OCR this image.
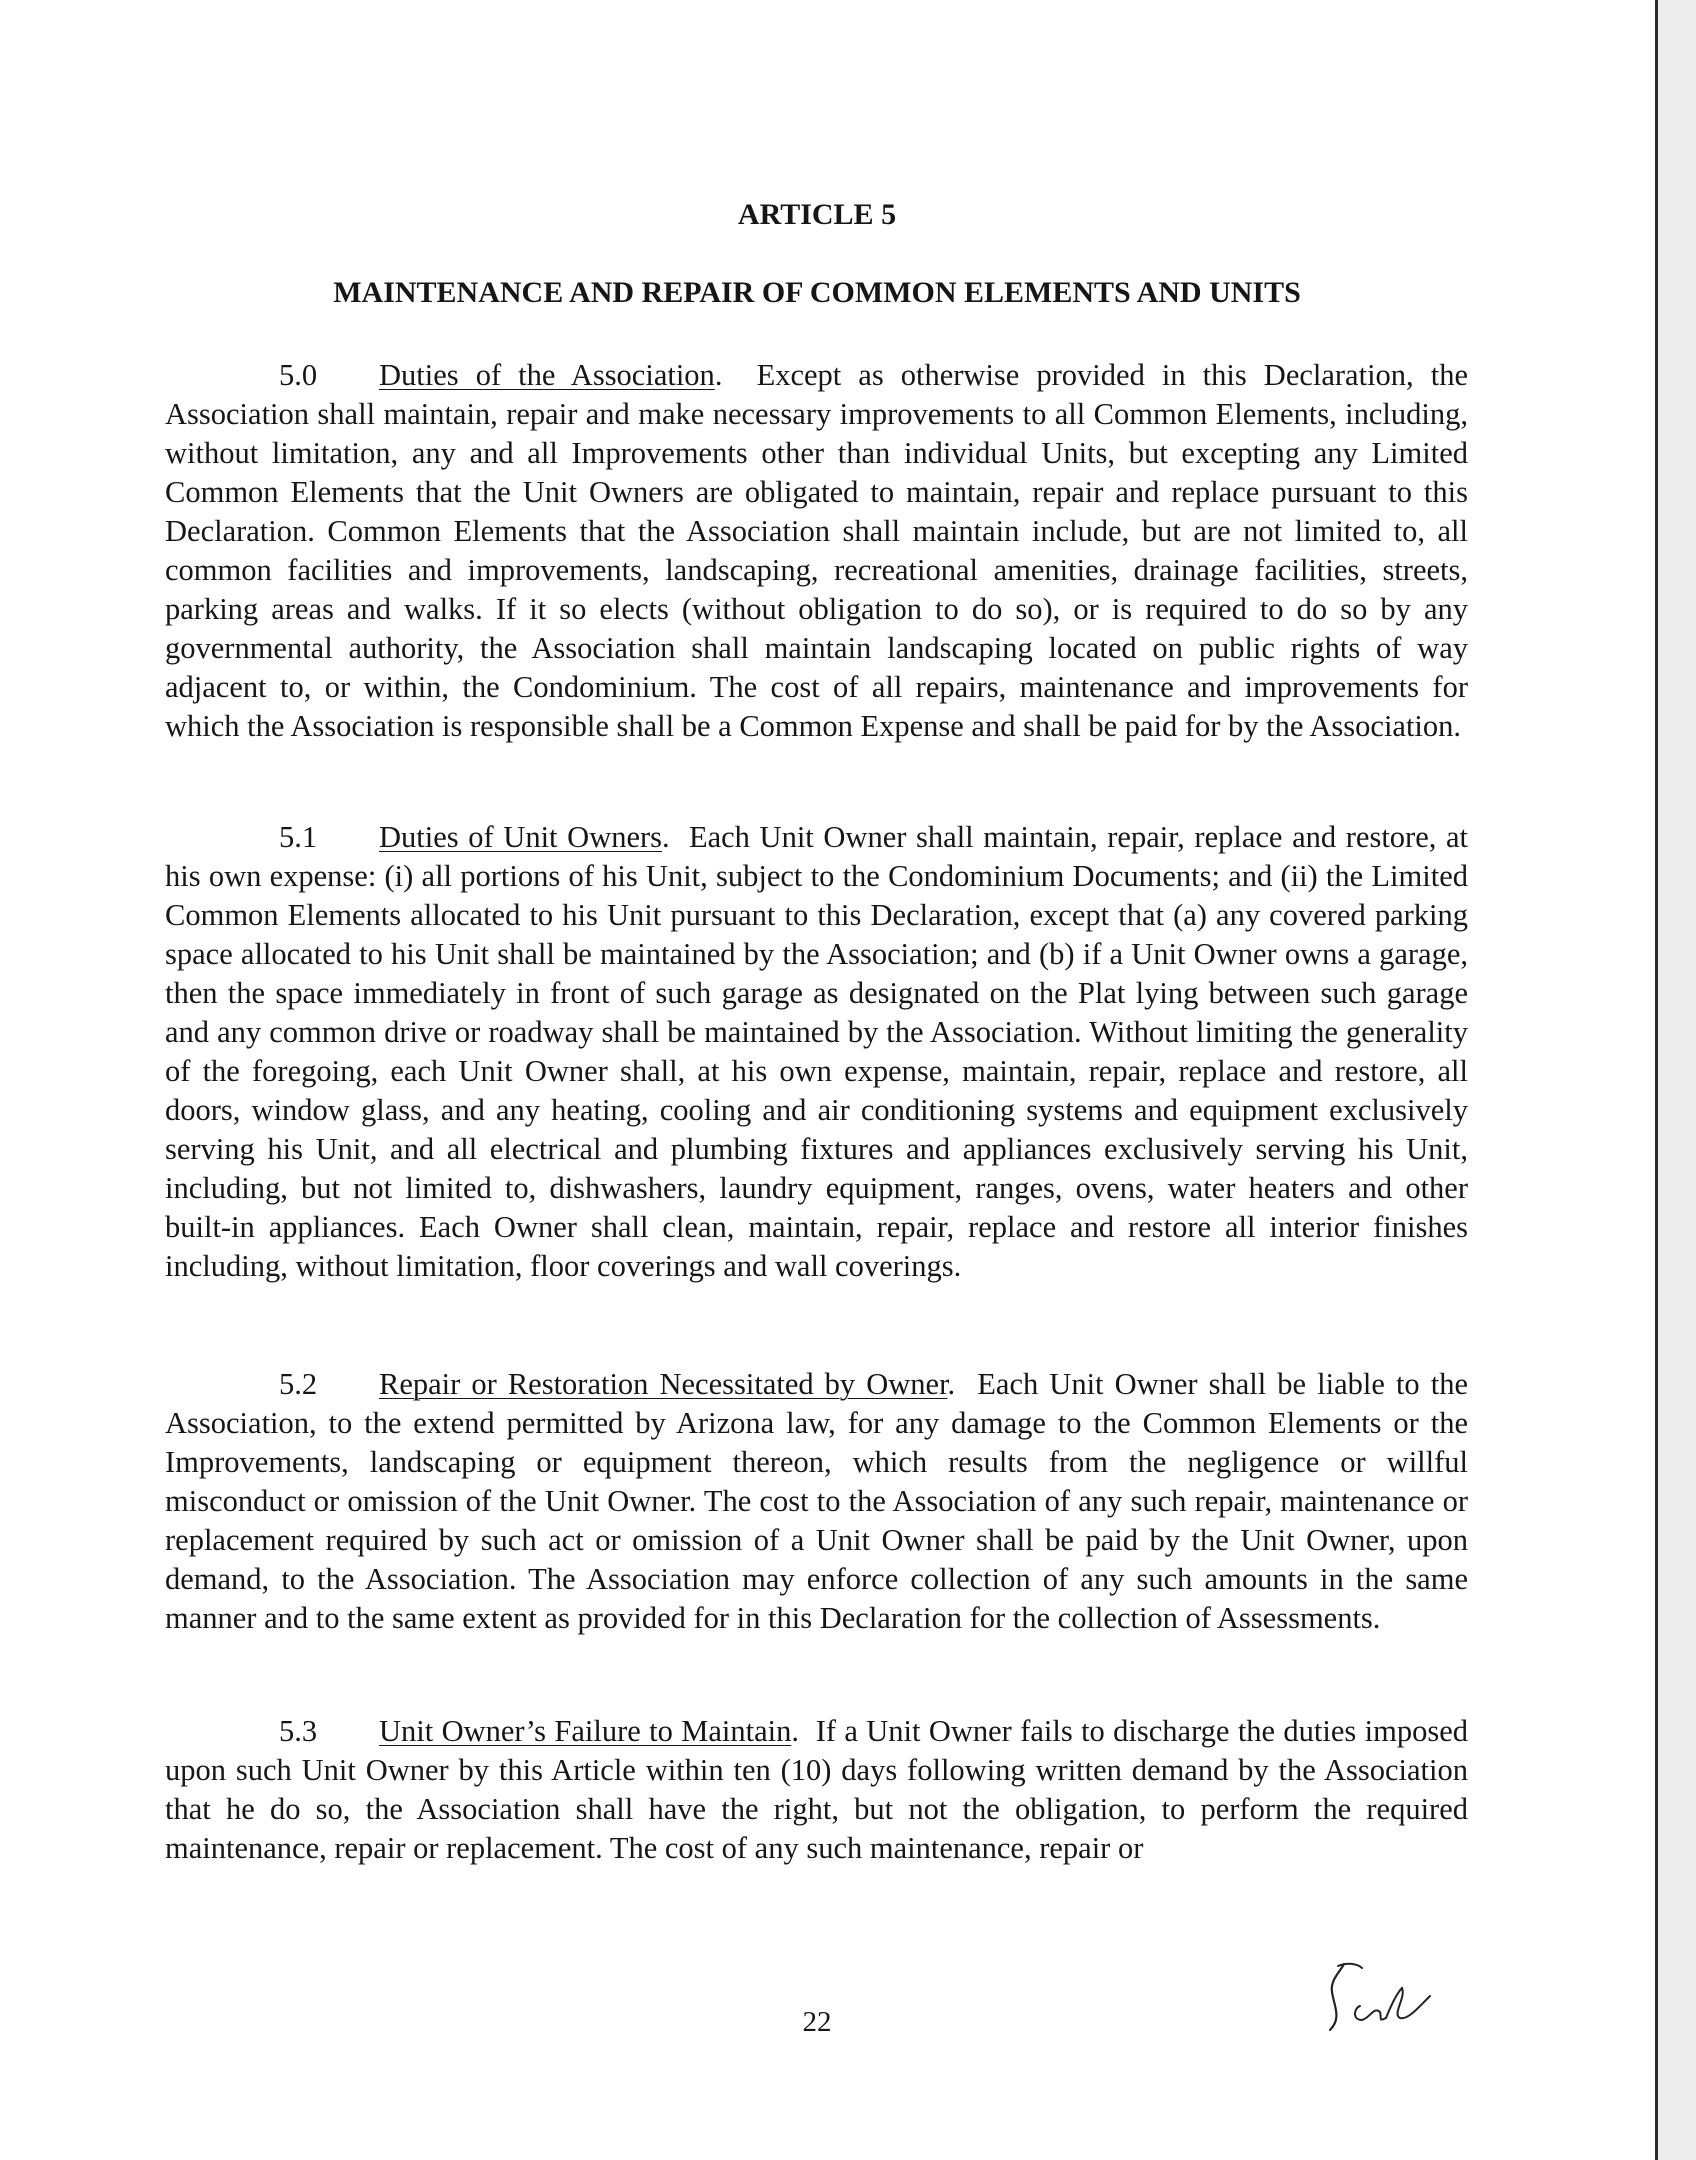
ARTICLE 5
MAINTENANCE AND REPAIR OF COMMON ELEMENTS AND UNITS

5.0 Duties of the Association.  Except as otherwise provided in this Declaration, the Association shall maintain, repair and make necessary improvements to all Common Elements, including, without limitation, any and all Improvements other than individual Units, but excepting any Limited Common Elements that the Unit Owners are obligated to maintain, repair and replace pursuant to this Declaration. Common Elements that the Association shall maintain include, but are not limited to, all common facilities and improvements, landscaping, recreational amenities, drainage facilities, streets, parking areas and walks. If it so elects (without obligation to do so), or is required to do so by any governmental authority, the Association shall maintain landscaping located on public rights of way adjacent to, or within, the Condominium. The cost of all repairs, maintenance and improvements for which the Association is responsible shall be a Common Expense and shall be paid for by the Association.

5.1 Duties of Unit Owners.  Each Unit Owner shall maintain, repair, replace and restore, at his own expense: (i) all portions of his Unit, subject to the Condominium Documents; and (ii) the Limited Common Elements allocated to his Unit pursuant to this Declaration, except that (a) any covered parking space allocated to his Unit shall be maintained by the Association; and (b) if a Unit Owner owns a garage, then the space immediately in front of such garage as designated on the Plat lying between such garage and any common drive or roadway shall be maintained by the Association. Without limiting the generality of the foregoing, each Unit Owner shall, at his own expense, maintain, repair, replace and restore, all doors, window glass, and any heating, cooling and air conditioning systems and equipment exclusively serving his Unit, and all electrical and plumbing fixtures and appliances exclusively serving his Unit, including, but not limited to, dishwashers, laundry equipment, ranges, ovens, water heaters and other built-in appliances. Each Owner shall clean, maintain, repair, replace and restore all interior finishes including, without limitation, floor coverings and wall coverings.

5.2 Repair or Restoration Necessitated by Owner.  Each Unit Owner shall be liable to the Association, to the extend permitted by Arizona law, for any damage to the Common Elements or the Improvements, landscaping or equipment thereon, which results from the negligence or willful misconduct or omission of the Unit Owner. The cost to the Association of any such repair, maintenance or replacement required by such act or omission of a Unit Owner shall be paid by the Unit Owner, upon demand, to the Association. The Association may enforce collection of any such amounts in the same manner and to the same extent as provided for in this Declaration for the collection of Assessments.

5.3 Unit Owner’s Failure to Maintain.  If a Unit Owner fails to discharge the duties imposed upon such Unit Owner by this Article within ten (10) days following written demand by the Association that he do so, the Association shall have the right, but not the obligation, to perform the required maintenance, repair or replacement. The cost of any such maintenance, repair or

22
